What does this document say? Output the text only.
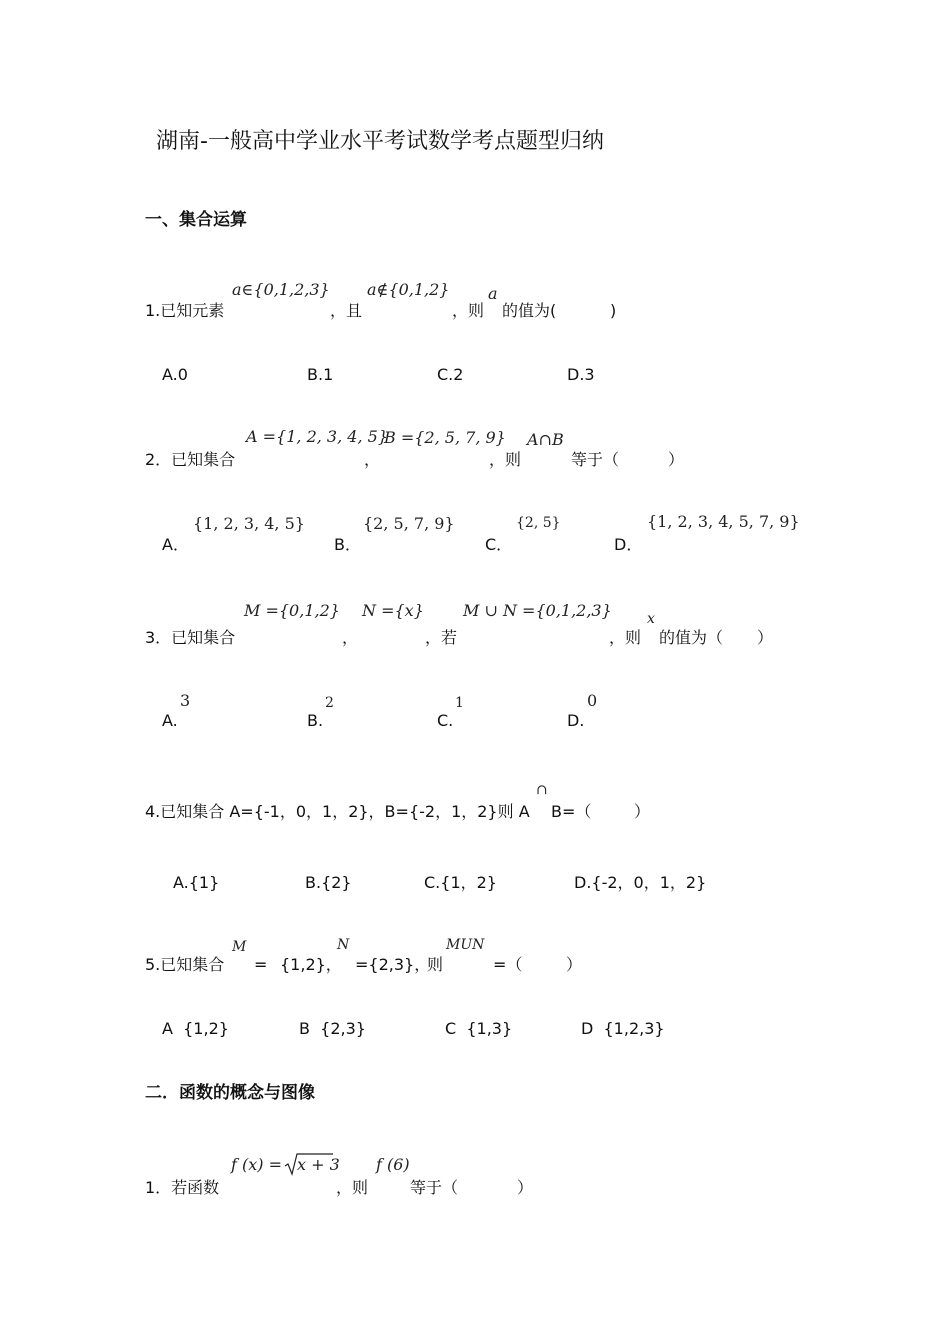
湖南-一般高中学业水平考试数学考点题型归纳
一、集合运算
a∈{0,1,2,3} a∉{0,1,2} a
1.已知元素	，且	，则 的值为(	)
A.0	B.1	C.2	D.3
A ={1, 2, 3, 4, 5}
B ={2, 5, 7, 9} A∩B
2．已知集合	，	，则	等于（	）
{1, 2, 3, 4, 5}	{2, 5, 7, 9}	{2, 5}	{1, 2, 3, 4, 5, 7, 9}
A．	B．	C．	D．
M ={0,1,2} N ={x} M ∪ N ={0,1,2,3}	x
3．已知集合	，	，若	，则 的值为（ ）
3	2	1	0
A.	B.	C.	D.
∩
4.已知集合 A={-1，0，1，2}，B={-2，1，2}则 A B=（	）
A.{1}	B.{2}	C.{1，2}	D.{-2，0，1，2}
M	N	MUN
5.已知集合 = {1,2}， ={2,3}，
则	=（	）
A  {1,2}	B  {2,3}	C  {1,3}	D  {1,2,3}
二．函数的概念与图像
f (x) = x + 3 f (6)
1．若函数	，则	等于（	）
